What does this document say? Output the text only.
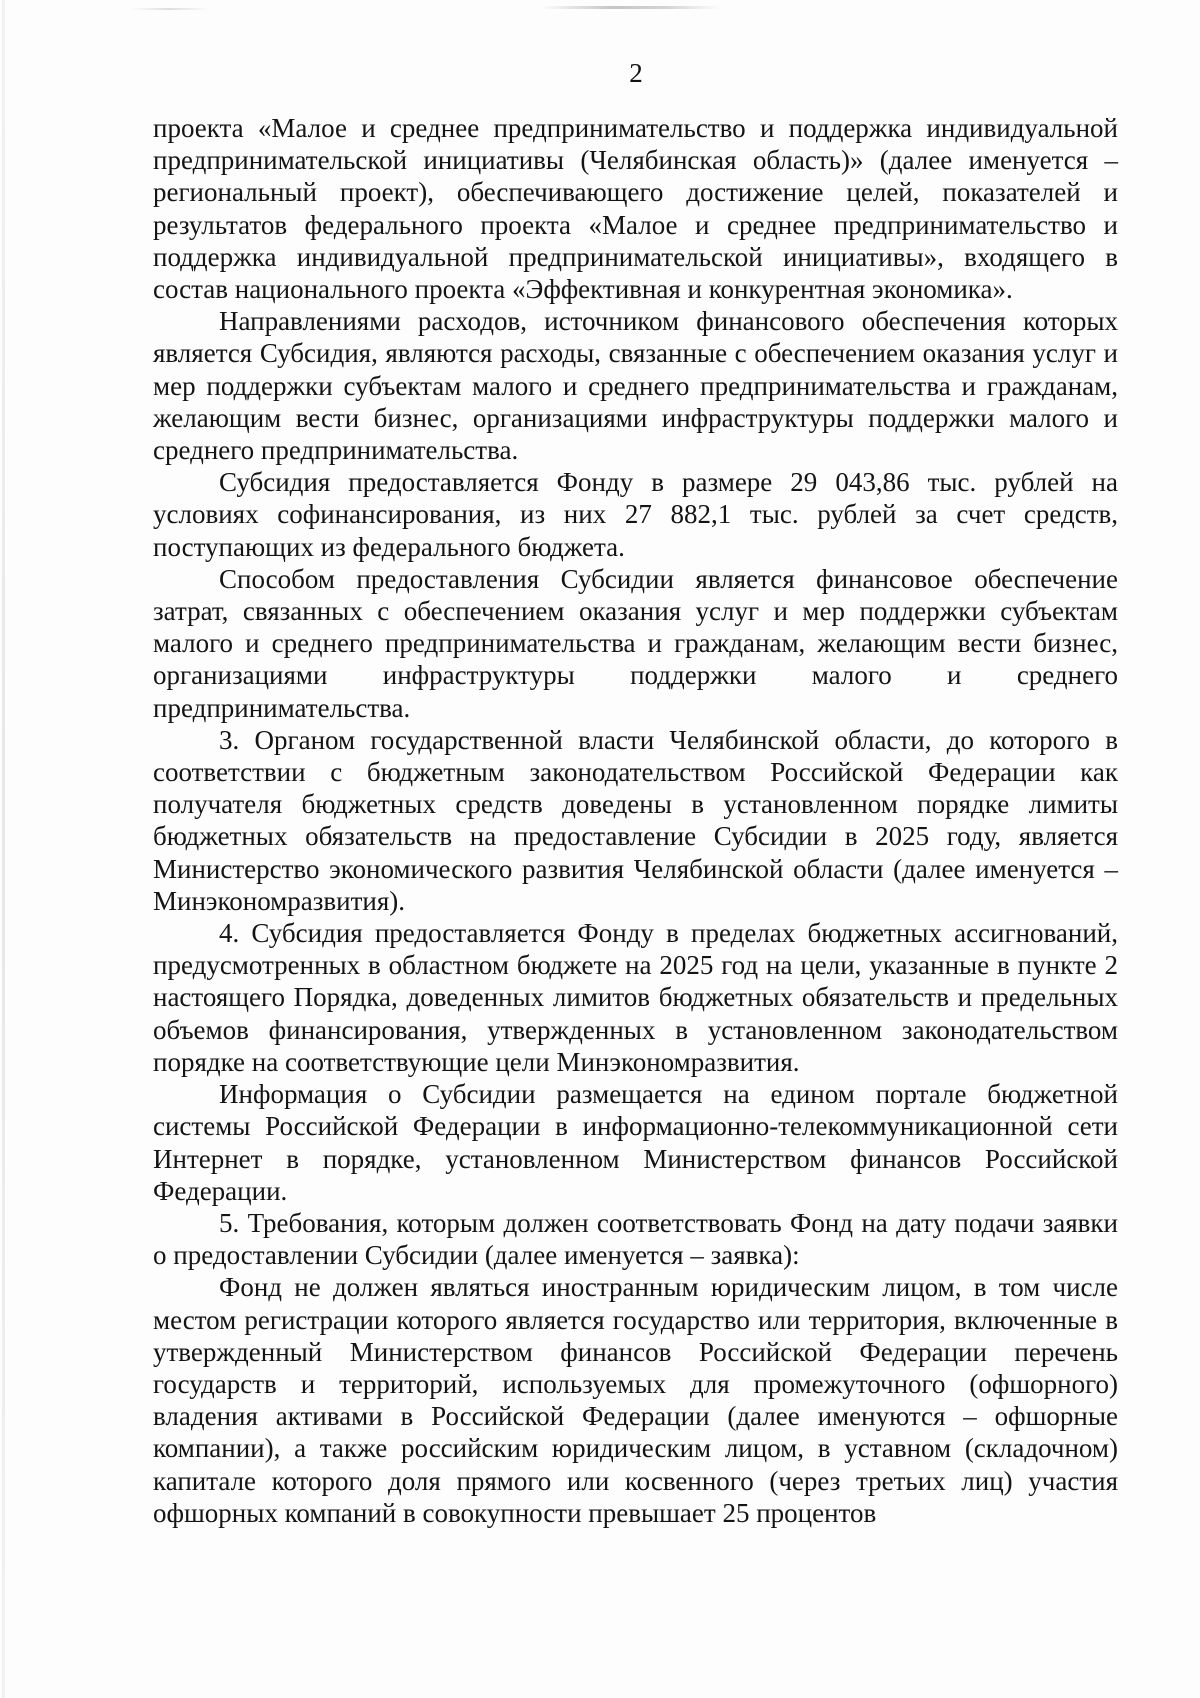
2

проекта «Малое и среднее предпринимательство и поддержка индивидуальной предпринимательской инициативы (Челябинская область)» (далее именуется – региональный проект), обеспечивающего достижение целей, показателей и результатов федерального проекта «Малое и среднее предпринимательство и поддержка индивидуальной предпринимательской инициативы», входящего в состав национального проекта «Эффективная и конкурентная экономика».

Направлениями расходов, источником финансового обеспечения которых является Субсидия, являются расходы, связанные с обеспечением оказания услуг и мер поддержки субъектам малого и среднего предпринимательства и гражданам, желающим вести бизнес, организациями инфраструктуры поддержки малого и среднего предпринимательства.

Субсидия предоставляется Фонду в размере 29 043,86 тыс. рублей на условиях софинансирования, из них 27 882,1 тыс. рублей за счет средств, поступающих из федерального бюджета.

Способом предоставления Субсидии является финансовое обеспечение затрат, связанных с обеспечением оказания услуг и мер поддержки субъектам малого и среднего предпринимательства и гражданам, желающим вести бизнес, организациями инфраструктуры поддержки малого и среднего предпринимательства.

3. Органом государственной власти Челябинской области, до которого в соответствии с бюджетным законодательством Российской Федерации как получателя бюджетных средств доведены в установленном порядке лимиты бюджетных обязательств на предоставление Субсидии в 2025 году, является Министерство экономического развития Челябинской области (далее именуется – Минэкономразвития).

4. Субсидия предоставляется Фонду в пределах бюджетных ассигнований, предусмотренных в областном бюджете на 2025 год на цели, указанные в пункте 2 настоящего Порядка, доведенных лимитов бюджетных обязательств и предельных объемов финансирования, утвержденных в установленном законодательством порядке на соответствующие цели Минэкономразвития.

Информация о Субсидии размещается на едином портале бюджетной системы Российской Федерации в информационно-телекоммуникационной сети Интернет в порядке, установленном Министерством финансов Российской Федерации.

5. Требования, которым должен соответствовать Фонд на дату подачи заявки о предоставлении Субсидии (далее именуется – заявка):

Фонд не должен являться иностранным юридическим лицом, в том числе местом регистрации которого является государство или территория, включенные в утвержденный Министерством финансов Российской Федерации перечень государств и территорий, используемых для промежуточного (офшорного) владения активами в Российской Федерации (далее именуются – офшорные компании), а также российским юридическим лицом, в уставном (складочном) капитале которого доля прямого или косвенного (через третьих лиц) участия офшорных компаний в совокупности превышает 25 процентов
